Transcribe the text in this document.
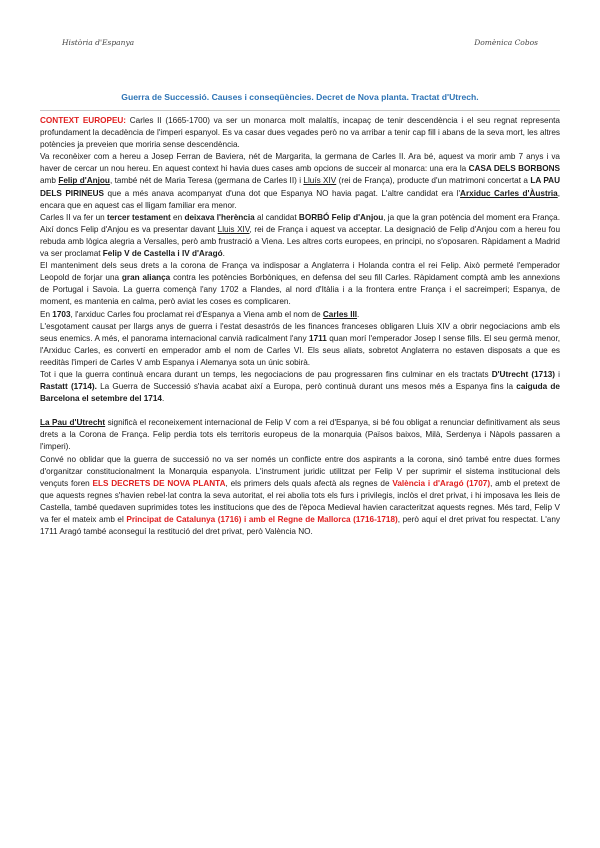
Història d'Espanya	Domènica Cobos
Guerra de Successió. Causes i conseqüències. Decret de Nova planta. Tractat d'Utrech.

CONTEXT EUROPEU: Carles II (1665-1700) va ser un monarca molt malaltís, incapaç de tenir descendència i el seu regnat representa profundament la decadència de l'imperi espanyol. Es va casar dues vegades però no va arribar a tenir cap fill i abans de la seva mort, les altres potències ja preveien que moriria sense descendència.

Va reconèixer com a hereu a Josep Ferran de Baviera, nét de Margarita, la germana de Carles II. Ara bé, aquest va morir amb 7 anys i va haver de cercar un nou hereu. En aquest context hi havia dues cases amb opcions de succeir al monarca: una era la CASA DELS BORBONS amb Felip d'Anjou, també nét de Maria Teresa (germana de Carles II) i Lluís XIV (rei de França), producte d'un matrimoni concertat a LA PAU DELS PIRINEUS que a més anava acompanyat d'una dot que Espanya NO havia pagat. L'altre candidat era l'Arxiduc Carles d'Àustria, encara que en aquest cas el lligam familiar era menor.

Carles II va fer un tercer testament en deixava l'herència al candidat BORBÓ Felip d'Anjou, ja que la gran potència del moment era França. Així doncs Felip d'Anjou es va presentar davant Lluis XIV, rei de França i aquest va acceptar. La designació de Felip d'Anjou com a hereu fou rebuda amb lògica alegria a Versalles, però amb frustració a Viena. Les altres corts europees, en principi, no s'oposaren. Ràpidament a Madrid va ser proclamat Felip V de Castella i IV d'Aragó.

El manteniment dels seus drets a la corona de França va indisposar a Anglaterra i Holanda contra el rei Felip. Això permeté l'emperador Leopold de forjar una gran aliança contra les potències Borbòniques, en defensa del seu fill Carles. Ràpidament comptà amb les annexions de Portugal i Savoia. La guerra començà l'any 1702 a Flandes, al nord d'Itàlia i a la frontera entre França i el sacreimperi; Espanya, de moment, es mantenia en calma, però aviat les coses es complicaren.

En 1703, l'arxiduc Carles fou proclamat rei d'Espanya a Viena amb el nom de Carles III.

L'esgotament causat per llargs anys de guerra i l'estat desastrós de les finances franceses obligaren Lluis XIV a obrir negociacions amb els seus enemics. A més, el panorama internacional canvià radicalment l'any 1711 quan morí l'emperador Josep I sense fills. El seu germà menor, l'Arxiduc Carles, es convertí en emperador amb el nom de Carles VI. Els seus aliats, sobretot Anglaterra no estaven disposats a que es reeditàs l'imperi de Carles V amb Espanya i Alemanya sota un únic sobirà.

Tot i que la guerra continuà encara durant un temps, les negociacions de pau progressaren fins culminar en els tractats D'Utrecht (1713) i Rastatt (1714). La Guerra de Successió s'havia acabat així a Europa, però continuà durant uns mesos més a Espanya fins la caiguda de Barcelona el setembre del 1714.

La Pau d'Utrecht significà el reconeixement internacional de Felip V com a rei d'Espanya, si bé fou obligat a renunciar definitivament als seus drets a la Corona de França. Felip perdia tots els territoris europeus de la monarquia (Països baixos, Milà, Serdenya i Nàpols passaren a l'imperi).

Convé no oblidar que la guerra de successió no va ser només un conflicte entre dos aspirants a la corona, sinó també entre dues formes d'organitzar constitucionalment la Monarquia espanyola. L'instrument juridic utilitzat per Felip V per suprimir el sistema institucional dels vençuts foren ELS DECRETS DE NOVA PLANTA, els primers dels quals afectà als regnes de València i d'Aragó (1707), amb el pretext de que aquests regnes s'havien rebel·lat contra la seva autoritat, el rei abolia tots els furs i privilegis, inclòs el dret privat, i hi imposava les lleis de Castella, també quedaven suprimides totes les institucions que des de l'època Medieval havien caracteritzat aquests regnes. Més tard, Felip V va fer el mateix amb el Principat de Catalunya (1716) i amb el Regne de Mallorca (1716-1718), però aquí el dret privat fou respectat. L'any 1711 Aragó també aconseguí la restitució del dret privat, però València NO.
